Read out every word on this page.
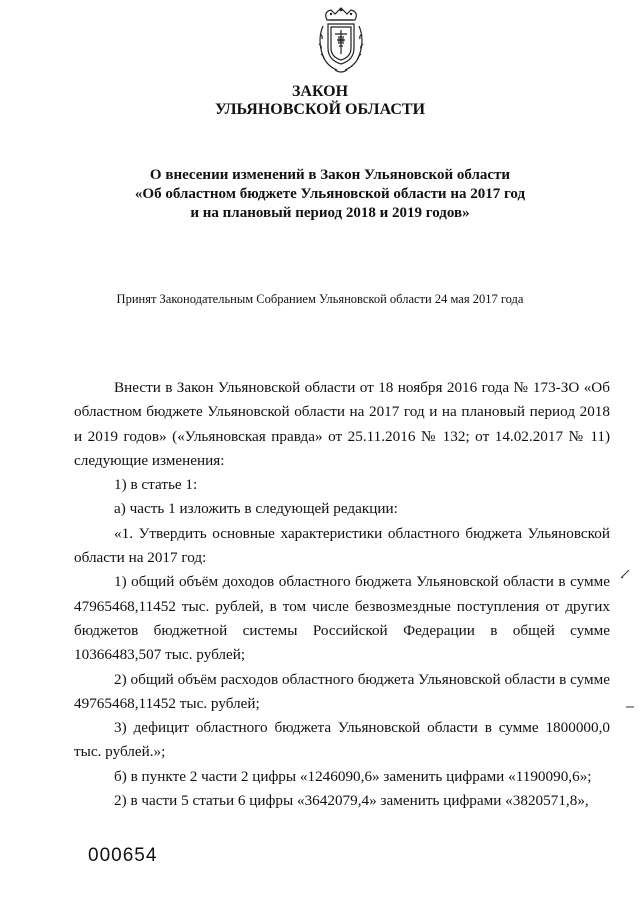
ЗАКОН
УЛЬЯНОВСКОЙ ОБЛАСТИ
О внесении изменений в Закон Ульяновской области
«Об областном бюджете Ульяновской области на 2017 год
и на плановый период 2018 и 2019 годов»
Принят Законодательным Собранием Ульяновской области 24 мая 2017 года

Внести в Закон Ульяновской области от 18 ноября 2016 года № 173-ЗО «Об областном бюджете Ульяновской области на 2017 год и на плановый период 2018 и 2019 годов» («Ульяновская правда» от 25.11.2016 № 132; от 14.02.2017 № 11) следующие изменения:

1) в статье 1:

а) часть 1 изложить в следующей редакции:

«1. Утвердить основные характеристики областного бюджета Ульяновской области на 2017 год:

1) общий объём доходов областного бюджета Ульяновской области в сумме 47965468,11452 тыс. рублей, в том числе безвозмездные поступления от других бюджетов бюджетной системы Российской Федерации в общей сумме 10366483,507 тыс. рублей;

2) общий объём расходов областного бюджета Ульяновской области в сумме 49765468,11452 тыс. рублей;

3) дефицит областного бюджета Ульяновской области в сумме 1800000,0 тыс. рублей.»;

б) в пункте 2 части 2 цифры «1246090,6» заменить цифрами «1190090,6»;

2) в части 5 статьи 6 цифры «3642079,4» заменить цифрами «3820571,8»,

000654
